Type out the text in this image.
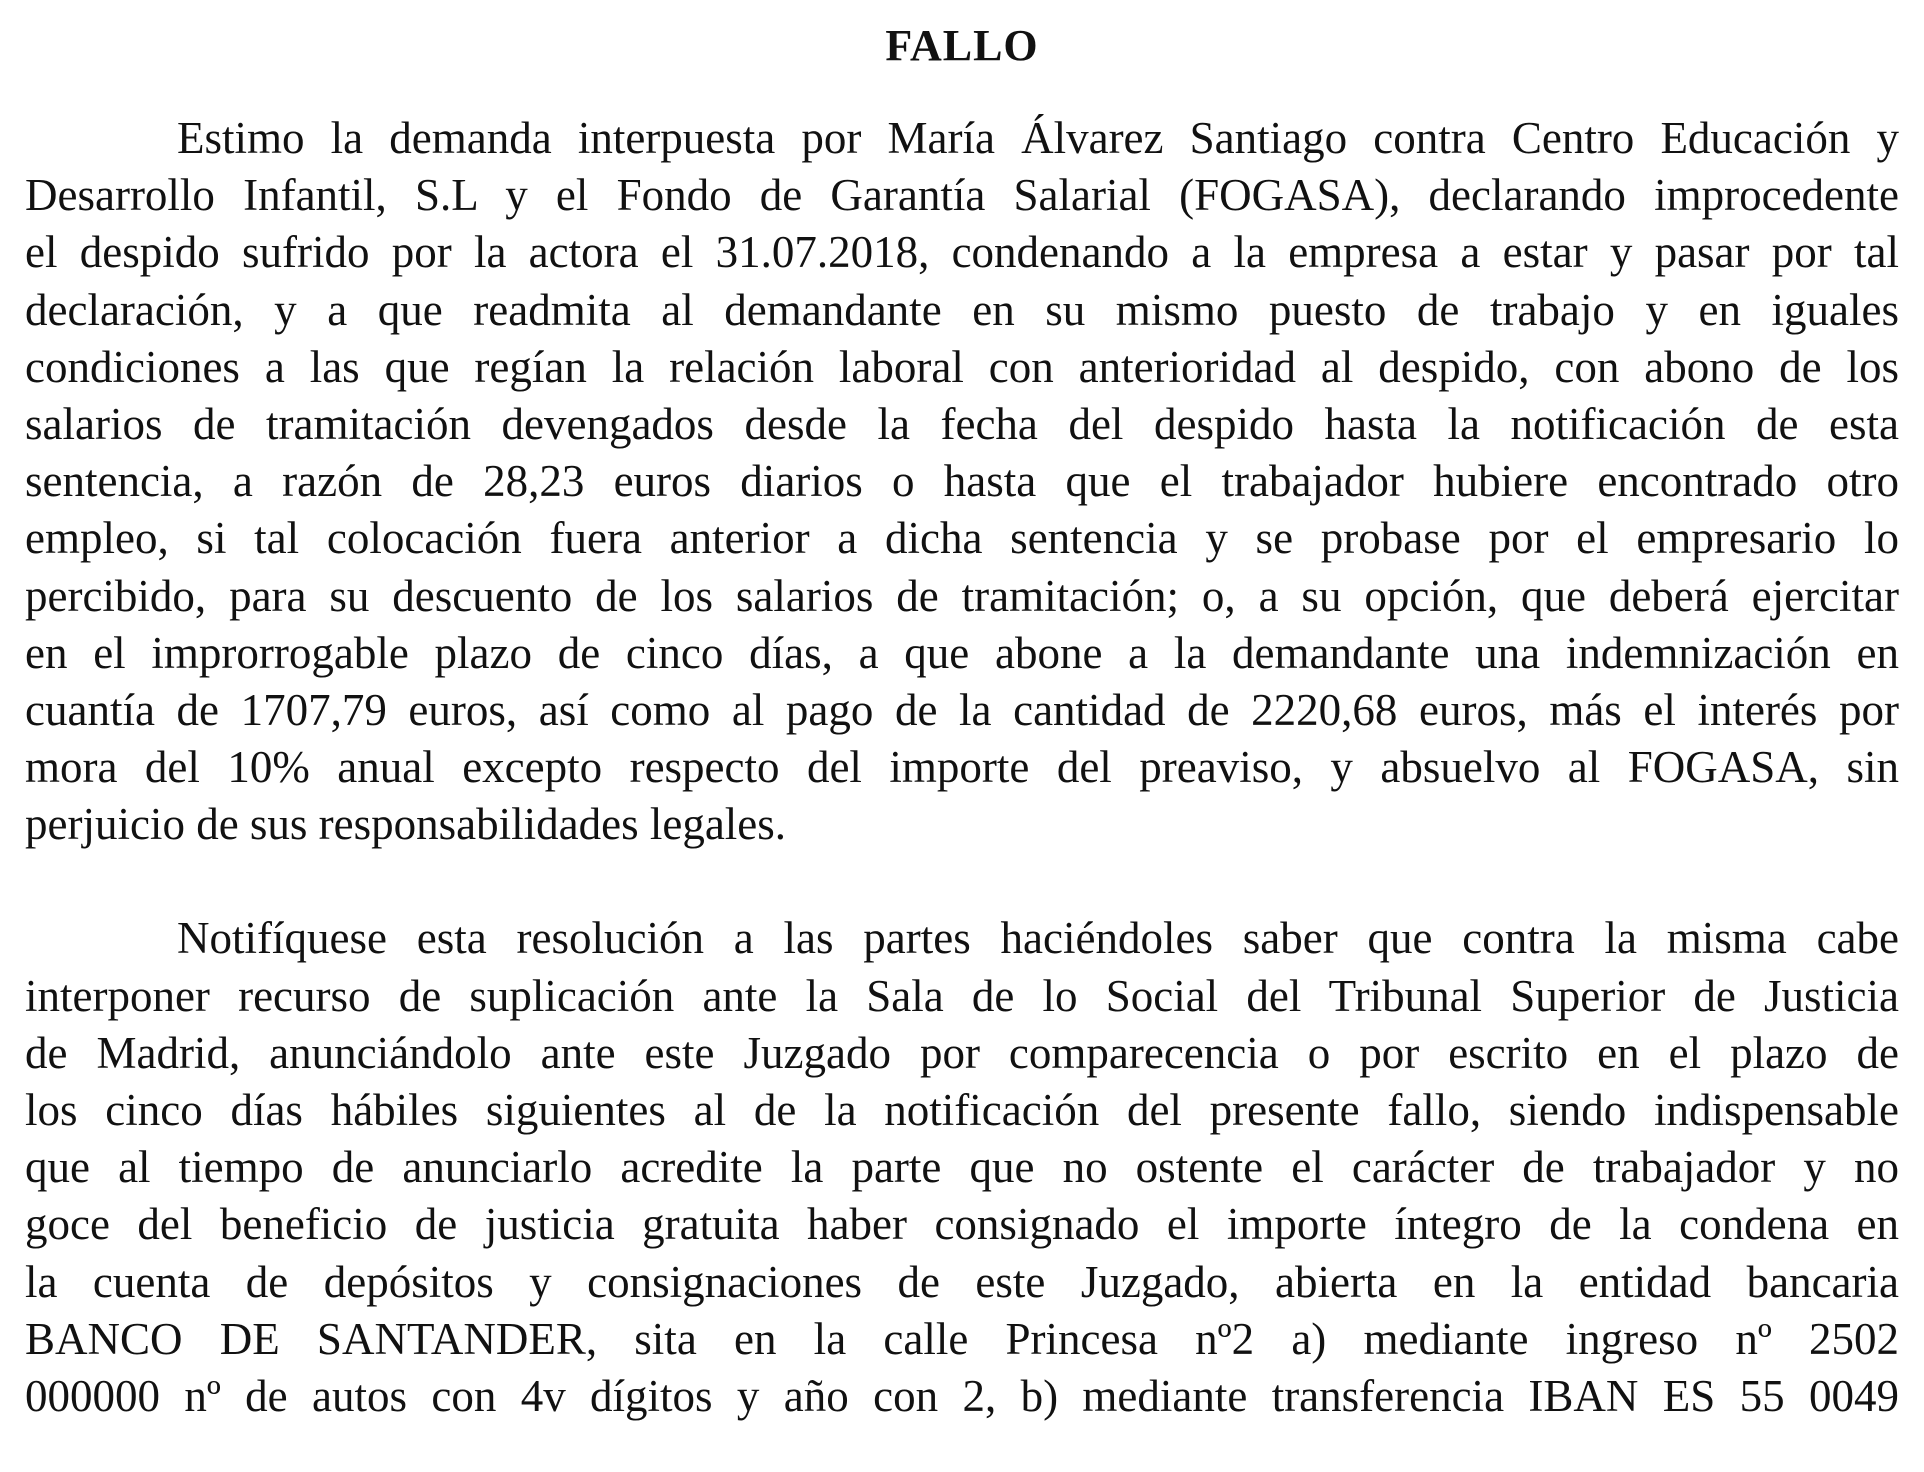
FALLO
Estimo la demanda interpuesta por María Álvarez Santiago contra Centro Educación y
Desarrollo Infantil, S.L y el Fondo de Garantía Salarial (FOGASA), declarando improcedente
el despido sufrido por la actora el 31.07.2018, condenando a la empresa a estar y pasar por tal
declaración, y a que readmita al demandante en su mismo puesto de trabajo y en iguales
condiciones a las que regían la relación laboral con anterioridad al despido, con abono de los
salarios de tramitación devengados desde la fecha del despido hasta la notificación de esta
sentencia, a razón de 28,23 euros diarios o hasta que el trabajador hubiere encontrado otro
empleo, si tal colocación fuera anterior a dicha sentencia y se probase por el empresario lo
percibido, para su descuento de los salarios de tramitación; o, a su opción, que deberá ejercitar
en el improrrogable plazo de cinco días, a que abone a la demandante una indemnización en
cuantía de 1707,79 euros, así como al pago de la cantidad de 2220,68 euros, más el interés por
mora del 10% anual excepto respecto del importe del preaviso, y absuelvo al FOGASA, sin
perjuicio de sus responsabilidades legales.
Notifíquese esta resolución a las partes haciéndoles saber que contra la misma cabe
interponer recurso de suplicación ante la Sala de lo Social del Tribunal Superior de Justicia
de Madrid, anunciándolo ante este Juzgado por comparecencia o por escrito en el plazo de
los cinco días hábiles siguientes al de la notificación del presente fallo, siendo indispensable
que al tiempo de anunciarlo acredite la parte que no ostente el carácter de trabajador y no
goce del beneficio de justicia gratuita haber consignado el importe íntegro de la condena en
la cuenta de depósitos y consignaciones de este Juzgado, abierta en la entidad bancaria
BANCO DE SANTANDER, sita en la calle Princesa nº2 a) mediante ingreso nº 2502
000000 nº de autos con 4v dígitos y año con 2, b) mediante transferencia IBAN ES 55 0049
